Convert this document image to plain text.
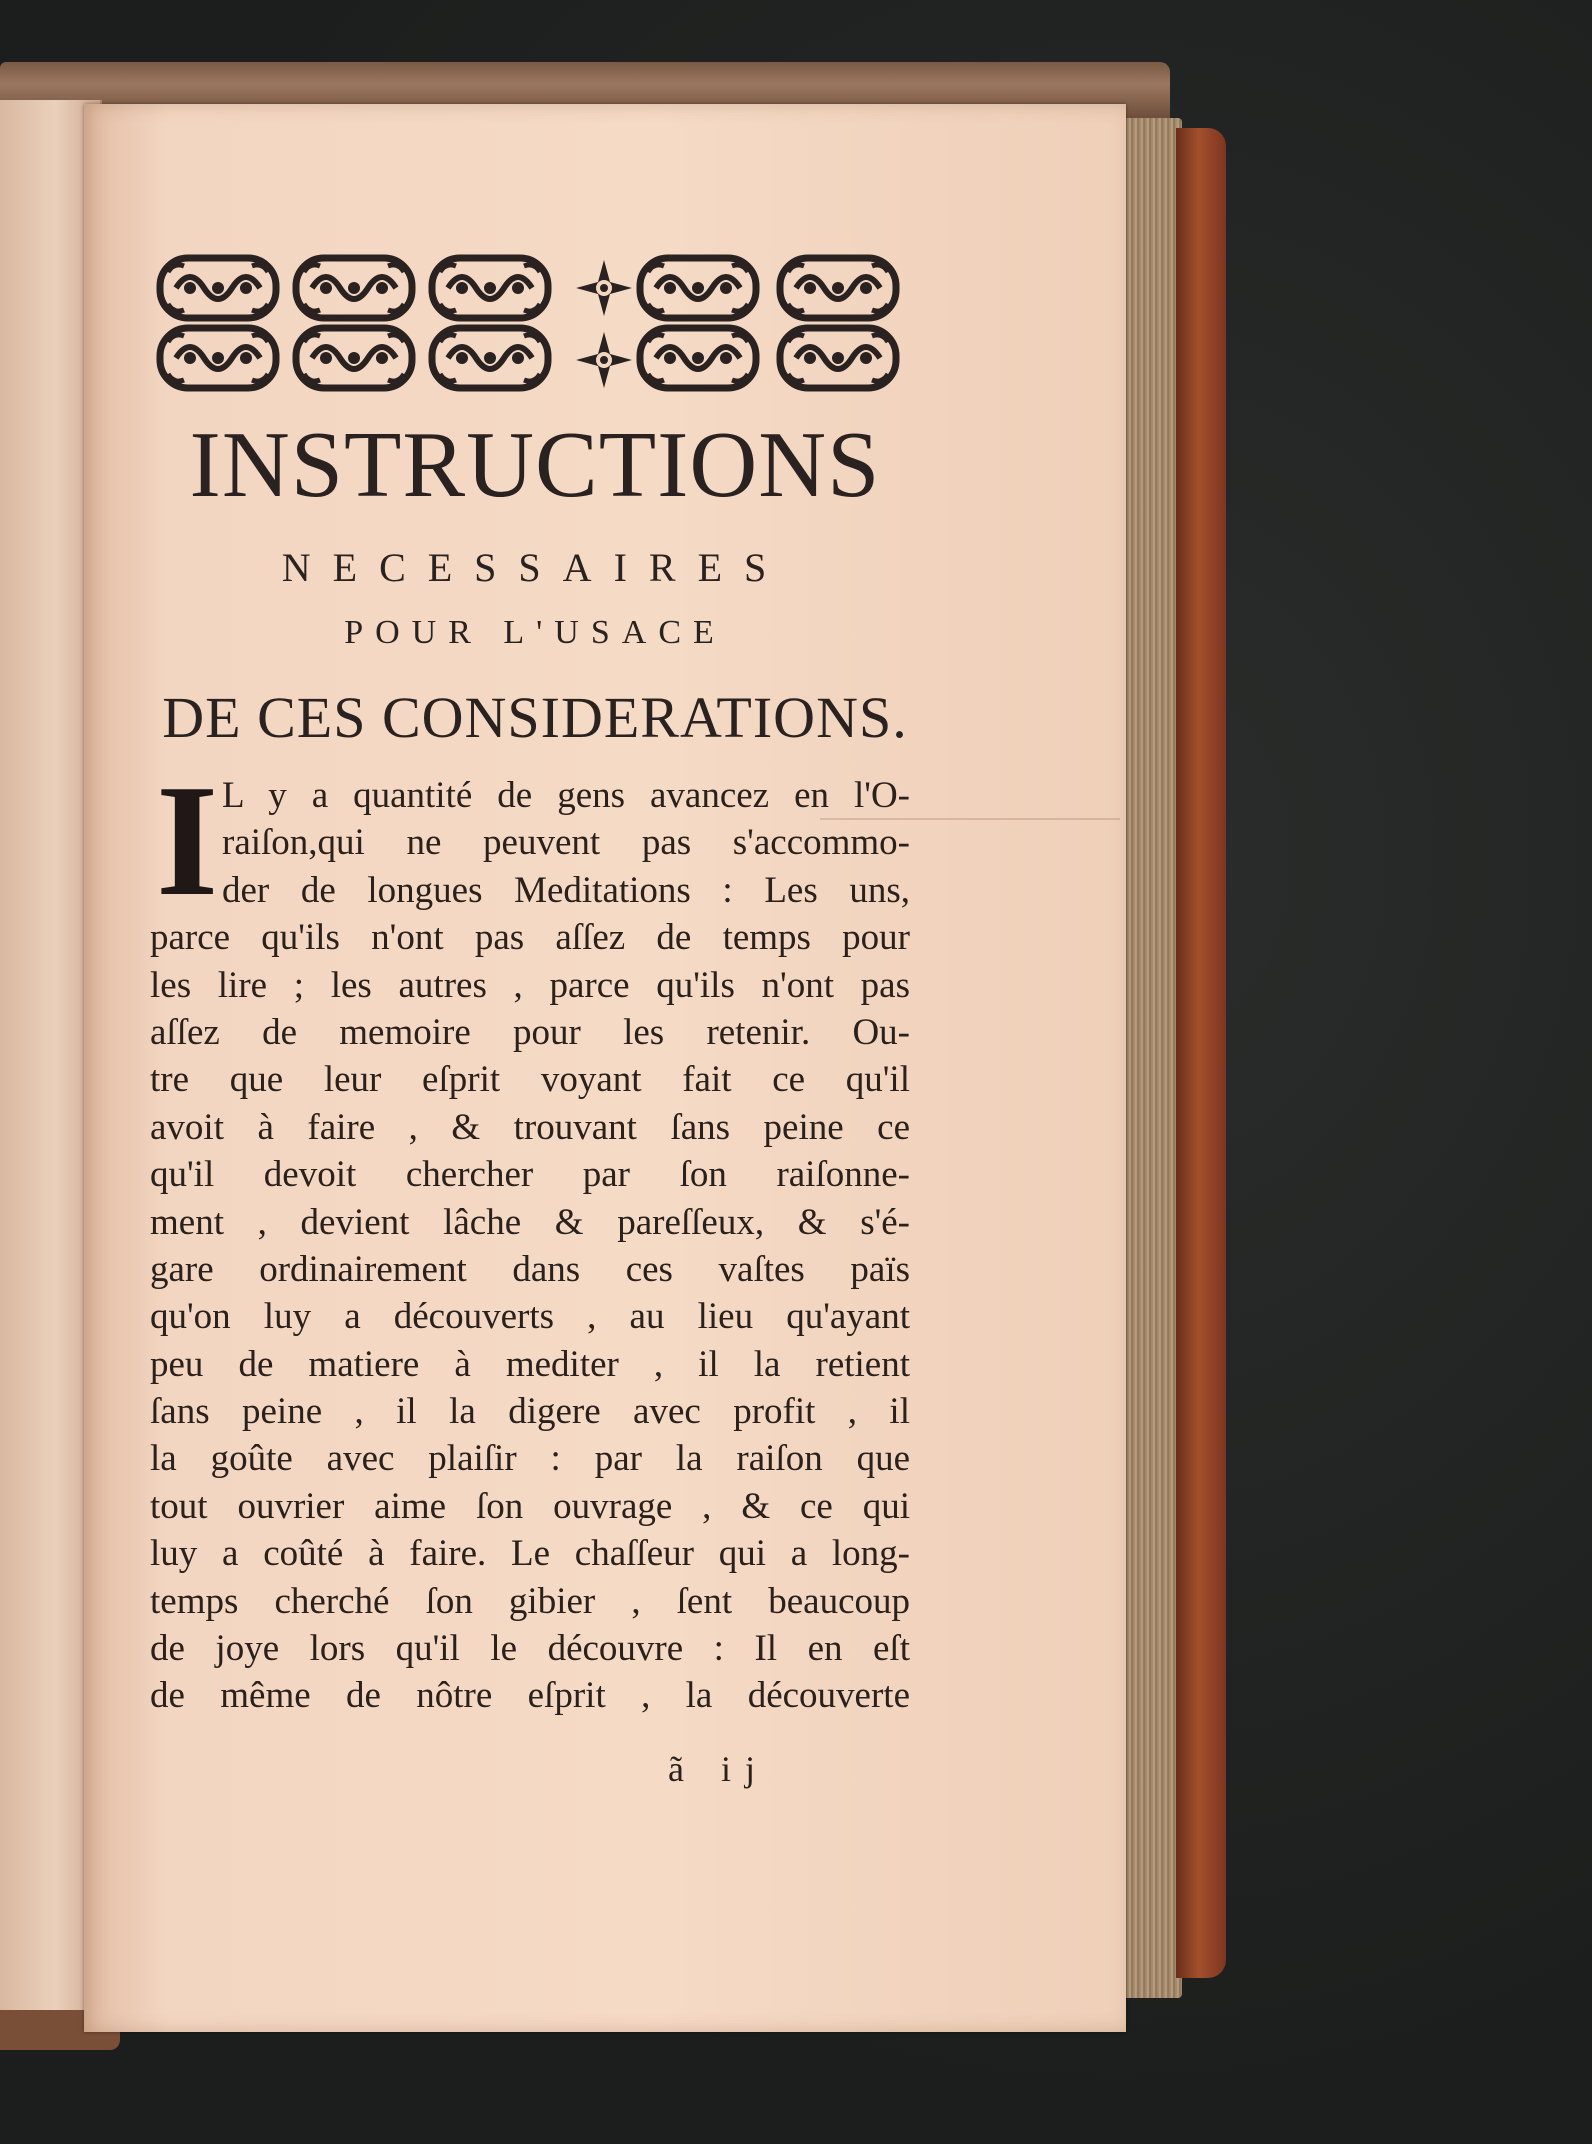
INSTRUCTIONS
NECESSAIRES
POUR L'USACE
DE CES CONSIDERATIONS.
I L y a quantité de gens avancez en l'O-
raiſon,qui ne peuvent pas s'accommo-
der de longues Meditations : Les uns,
parce qu'ils n'ont pas aſſez de temps pour
les lire ; les autres , parce qu'ils n'ont pas
aſſez de memoire pour les retenir. Ou-
tre que leur eſprit voyant fait ce qu'il
avoit à faire , & trouvant ſans peine ce
qu'il devoit chercher par ſon raiſonne-
ment , devient lâche & pareſſeux, & s'é-
gare ordinairement dans ces vaſtes païs
qu'on luy a découverts , au lieu qu'ayant
peu de matiere à mediter , il la retient
ſans peine , il la digere avec profit , il
la goûte avec plaiſir : par la raiſon que
tout ouvrier aime ſon ouvrage , & ce qui
luy a coûté à faire. Le chaſſeur qui a long-
temps cherché ſon gibier , ſent beaucoup
de joye lors qu'il le découvre : Il en eſt
de même de nôtre eſprit , la découverte
ã ij
